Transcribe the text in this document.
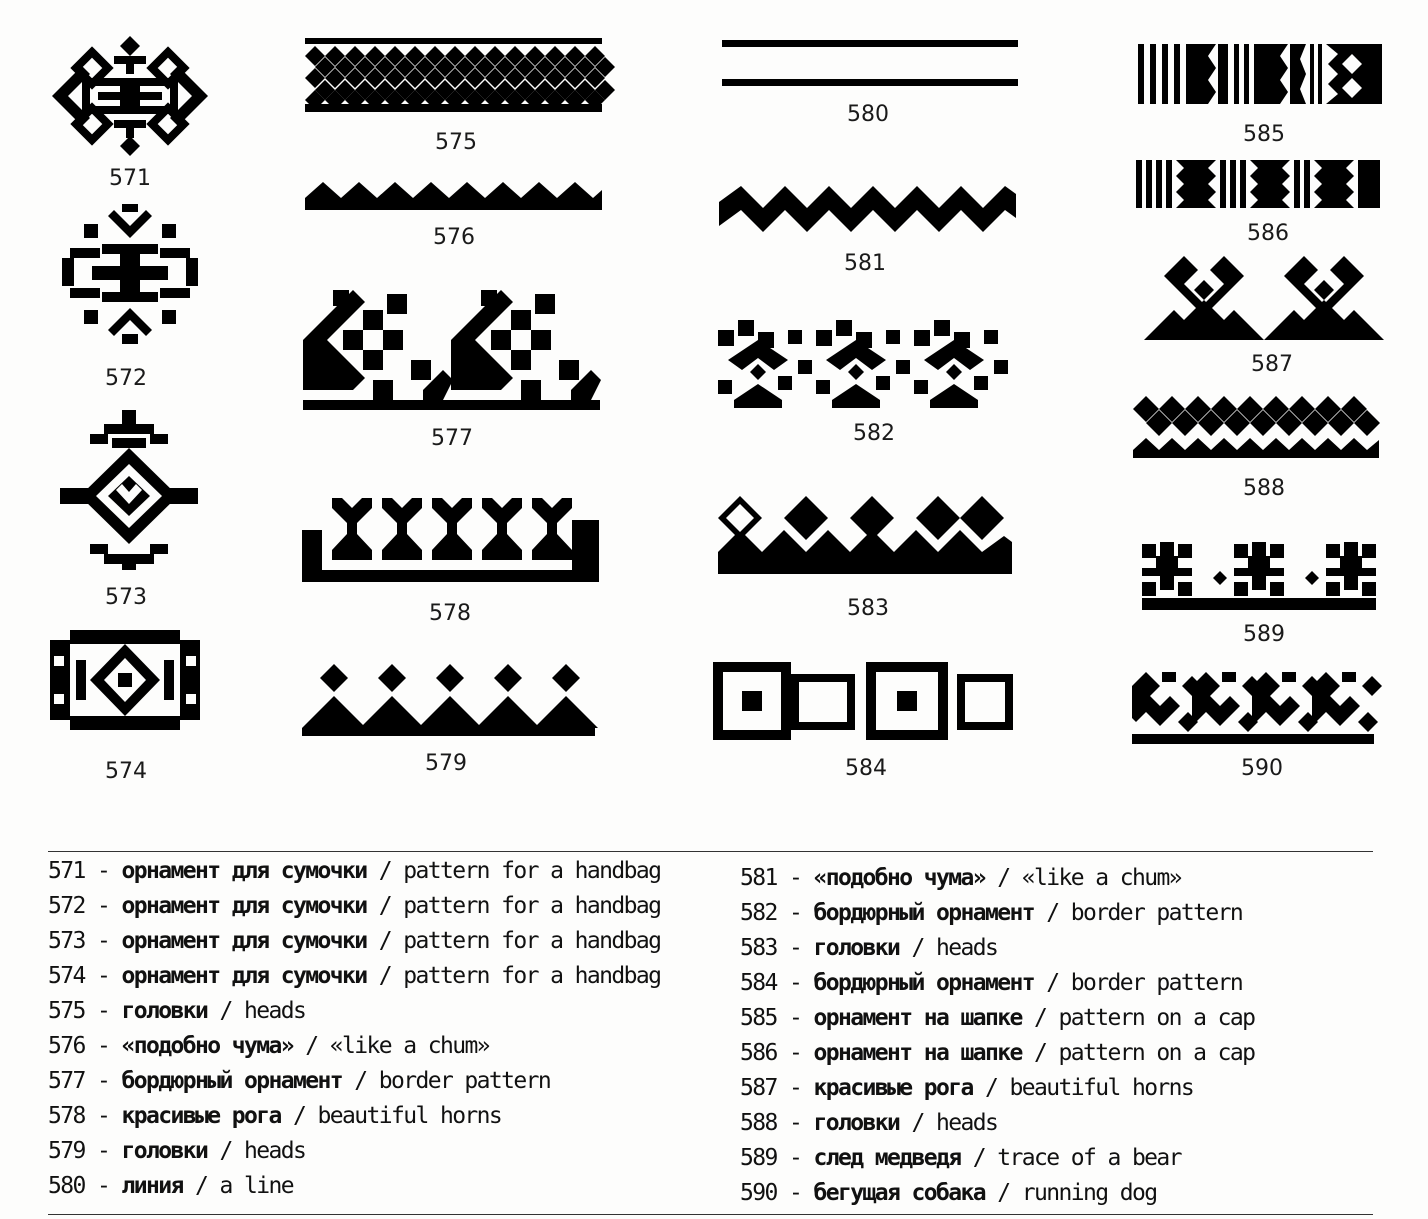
571
572
573
574
575
576
577
578
579
580
581
582
583
584
585
586
587
588
589
590
571 - орнамент для сумочки / pattern for a handbag
572 - орнамент для сумочки / pattern for a handbag
573 - орнамент для сумочки / pattern for a handbag
574 - орнамент для сумочки / pattern for a handbag
575 - головки / heads
576 - «подобно чума» / «like a chum»
577 - бордюрный орнамент / border pattern
578 - красивые рога / beautiful horns
579 - головки / heads
580 - линия / a line
581 - «подобно чума» / «like a chum»
582 - бордюрный орнамент / border pattern
583 - головки / heads
584 - бордюрный орнамент / border pattern
585 - орнамент на шапке / pattern on a cap
586 - орнамент на шапке / pattern on a cap
587 - красивые рога / beautiful horns
588 - головки / heads
589 - след медведя / trace of a bear
590 - бегущая собака / running dog
